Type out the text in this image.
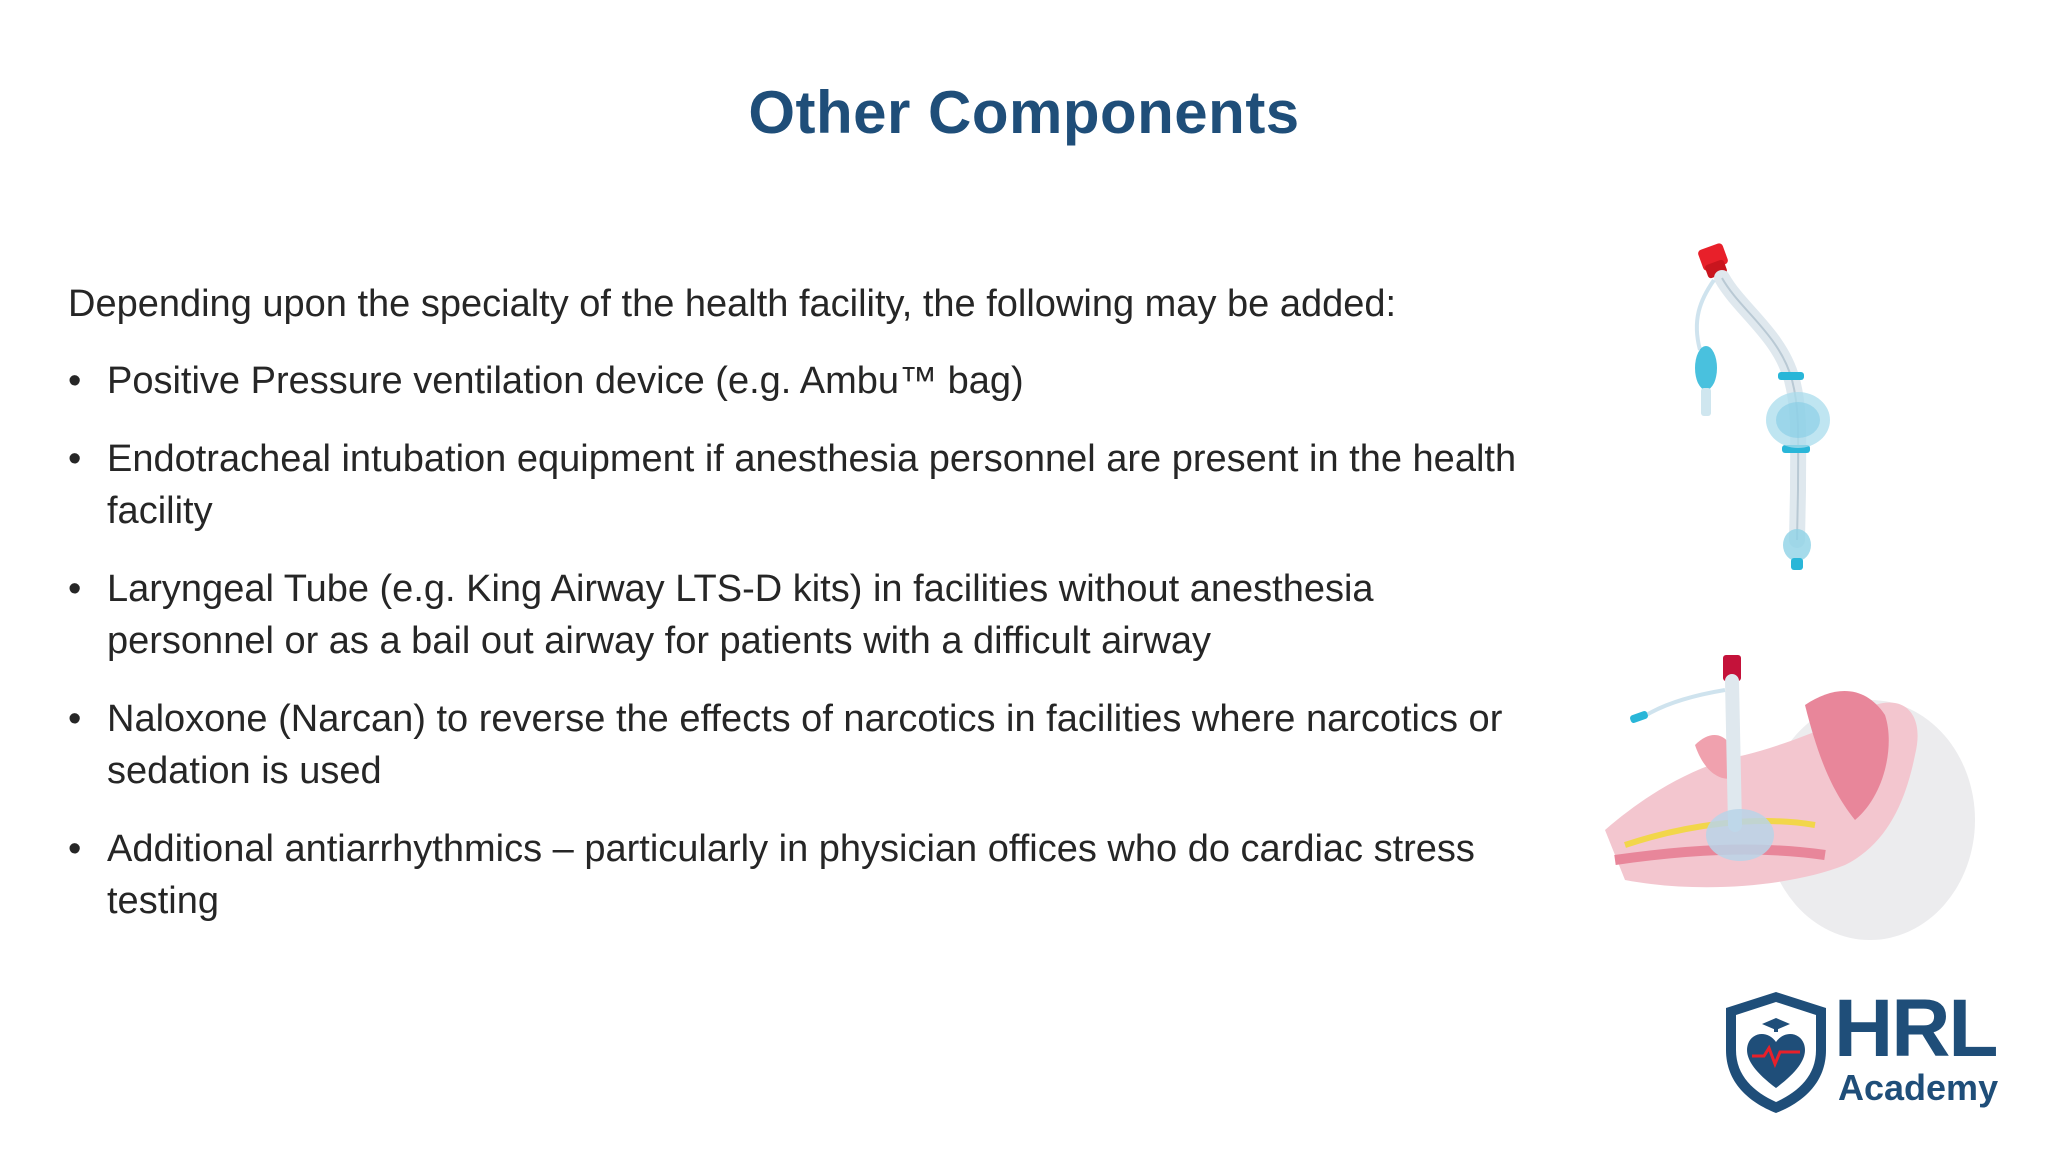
Other Components

Depending upon the specialty of the health facility, the following may be added:

• Positive Pressure ventilation device (e.g. Ambu™ bag)
• Endotracheal intubation equipment if anesthesia personnel are present in the health facility
• Laryngeal Tube (e.g. King Airway LTS-D kits) in facilities without anesthesia personnel or as a bail out airway for patients with a difficult airway
• Naloxone (Narcan) to reverse the effects of narcotics in facilities where narcotics or sedation is used
• Additional antiarrhythmics – particularly in physician offices who do cardiac stress testing
HRL
Academy
